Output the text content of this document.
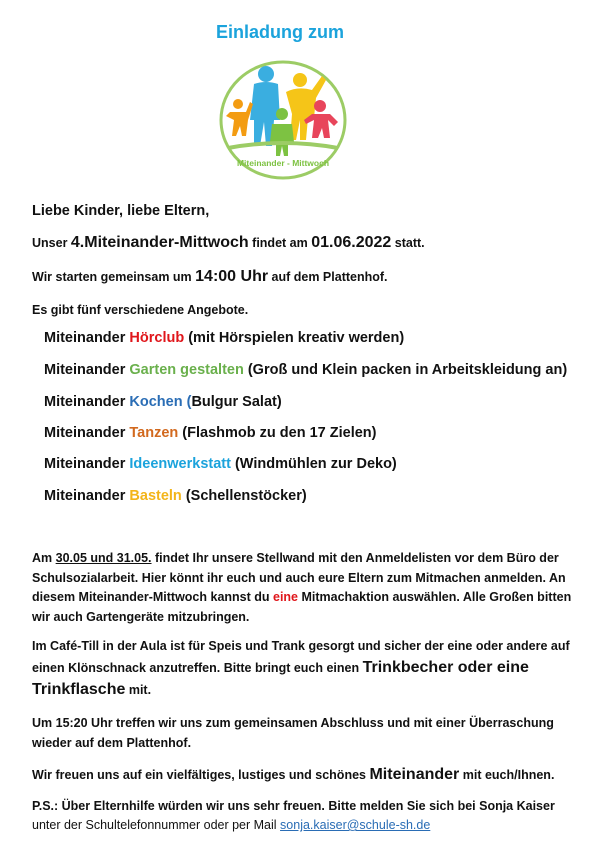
Einladung zum
Miteinander - Mittwoch
Liebe Kinder, liebe Eltern,
Unser 4.Miteinander-Mittwoch findet am 01.06.2022 statt.
Wir starten gemeinsam um 14:00 Uhr auf dem Plattenhof.
Es gibt fünf verschiedene Angebote.
Miteinander Hörclub (mit Hörspielen kreativ werden)
Miteinander Garten gestalten (Groß und Klein packen in Arbeitskleidung an)
Miteinander Kochen (Bulgur Salat)
Miteinander Tanzen (Flashmob zu den 17 Zielen)
Miteinander Ideenwerkstatt (Windmühlen zur Deko)
Miteinander Basteln (Schellenstöcker)
Am 30.05 und 31.05. findet Ihr unsere Stellwand mit den Anmeldelisten vor dem Büro der Schulsozialarbeit. Hier könnt ihr euch und auch eure Eltern zum Mitmachen anmelden. An diesem Miteinander-Mittwoch kannst du eine Mitmachaktion auswählen. Alle Großen bitten wir auch Gartengeräte mitzubringen.
Im Café-Till in der Aula ist für Speis und Trank gesorgt und sicher der eine oder andere auf einen Klönschnack anzutreffen. Bitte bringt euch einen Trinkbecher oder eine Trinkflasche mit.
Um 15:20 Uhr treffen wir uns zum gemeinsamen Abschluss und mit einer Überraschung wieder auf dem Plattenhof.
Wir freuen uns auf ein vielfältiges, lustiges und schönes Miteinander mit euch/Ihnen.
P.S.: Über Elternhilfe würden wir uns sehr freuen. Bitte melden Sie sich bei Sonja Kaiser
unter der Schultelefonnummer oder per Mail sonja.kaiser@schule-sh.de
